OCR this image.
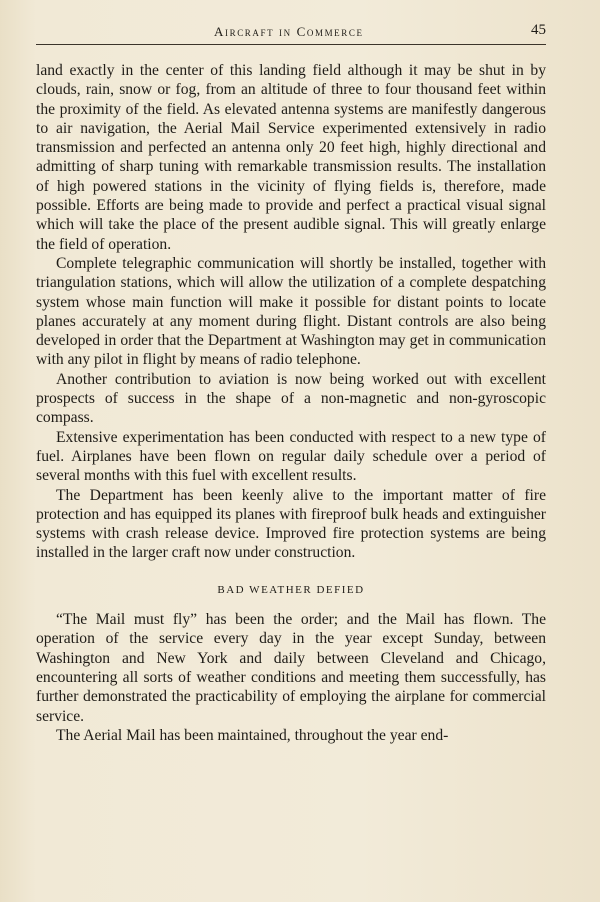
Aircraft in Commerce	45

land exactly in the center of this landing field although it may be shut in by clouds, rain, snow or fog, from an altitude of three to four thousand feet within the proximity of the field. As elevated antenna systems are manifestly dangerous to air navigation, the Aerial Mail Service experimented extensively in radio transmission and perfected an antenna only 20 feet high, highly directional and admitting of sharp tuning with remarkable transmission results. The installation of high powered stations in the vicinity of flying fields is, therefore, made possible. Efforts are being made to provide and perfect a practical visual signal which will take the place of the present audible signal. This will greatly enlarge the field of operation.

Complete telegraphic communication will shortly be installed, together with triangulation stations, which will allow the utilization of a complete despatching system whose main function will make it possible for distant points to locate planes accurately at any moment during flight. Distant controls are also being developed in order that the Department at Washington may get in communication with any pilot in flight by means of radio telephone.

Another contribution to aviation is now being worked out with excellent prospects of success in the shape of a non-magnetic and non-gyroscopic compass.

Extensive experimentation has been conducted with respect to a new type of fuel. Airplanes have been flown on regular daily schedule over a period of several months with this fuel with excellent results.

The Department has been keenly alive to the important matter of fire protection and has equipped its planes with fireproof bulk heads and extinguisher systems with crash release device. Improved fire protection systems are being installed in the larger craft now under construction.

BAD WEATHER DEFIED

“The Mail must fly” has been the order; and the Mail has flown. The operation of the service every day in the year except Sunday, between Washington and New York and daily between Cleveland and Chicago, encountering all sorts of weather conditions and meeting them successfully, has further demonstrated the practicability of employing the airplane for commercial service.

The Aerial Mail has been maintained, throughout the year end-
